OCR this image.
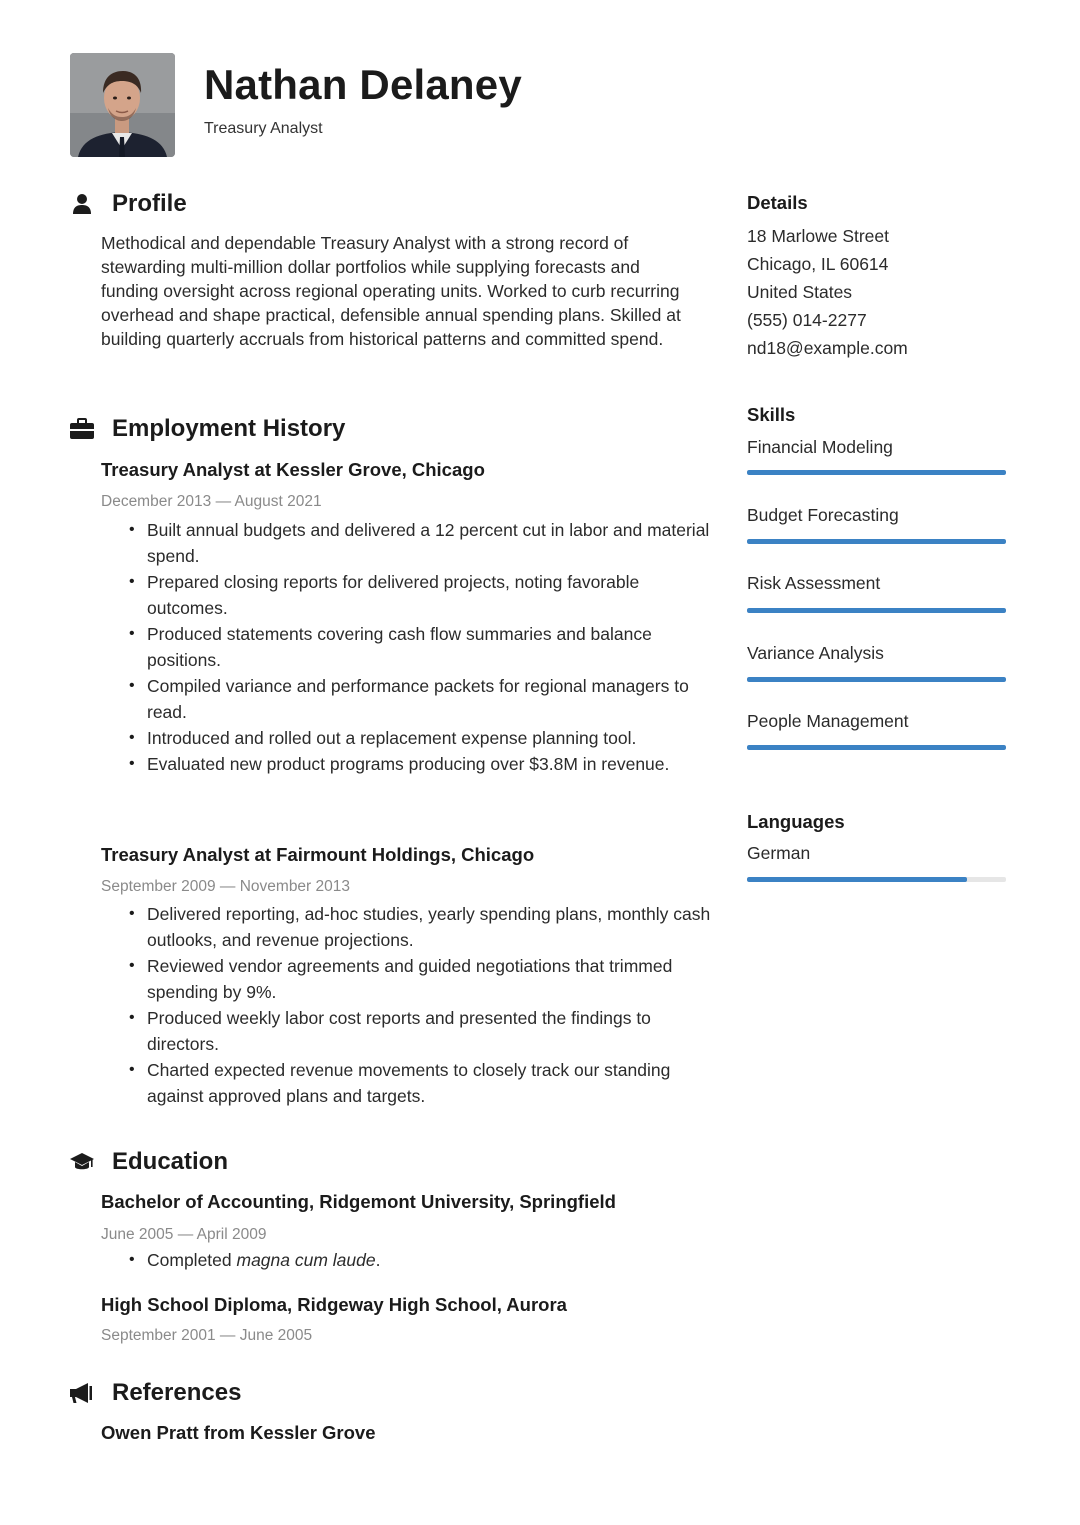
Nathan Delaney
Treasury Analyst
Profile
Methodical and dependable Treasury Analyst with a strong record of stewarding multi-million dollar portfolios while supplying forecasts and funding oversight across regional operating units. Worked to curb recurring overhead and shape practical, defensible annual spending plans. Skilled at building quarterly accruals from historical patterns and committed spend.
Employment History
Treasury Analyst at Kessler Grove, Chicago
December 2013 — August 2021
• Built annual budgets and delivered a 12 percent cut in labor and material spend.
• Prepared closing reports for delivered projects, noting favorable outcomes.
• Produced statements covering cash flow summaries and balance positions.
• Compiled variance and performance packets for regional managers to read.
• Introduced and rolled out a replacement expense planning tool.
• Evaluated new product programs producing over $3.8M in revenue.
Treasury Analyst at Fairmount Holdings, Chicago
September 2009 — November 2013
• Delivered reporting, ad-hoc studies, yearly spending plans, monthly cash outlooks, and revenue projections.
• Reviewed vendor agreements and guided negotiations that trimmed spending by 9%.
• Produced weekly labor cost reports and presented the findings to directors.
• Charted expected revenue movements to closely track our standing against approved plans and targets.
Education
Bachelor of Accounting, Ridgemont University, Springfield
June 2005 — April 2009
• Completed magna cum laude.
High School Diploma, Ridgeway High School, Aurora
September 2001 — June 2005
References
Owen Pratt from Kessler Grove
Details
18 Marlowe Street
Chicago, IL 60614
United States
(555) 014-2277
nd18@example.com
Skills
Financial Modeling
Budget Forecasting
Risk Assessment
Variance Analysis
People Management
Languages
German
